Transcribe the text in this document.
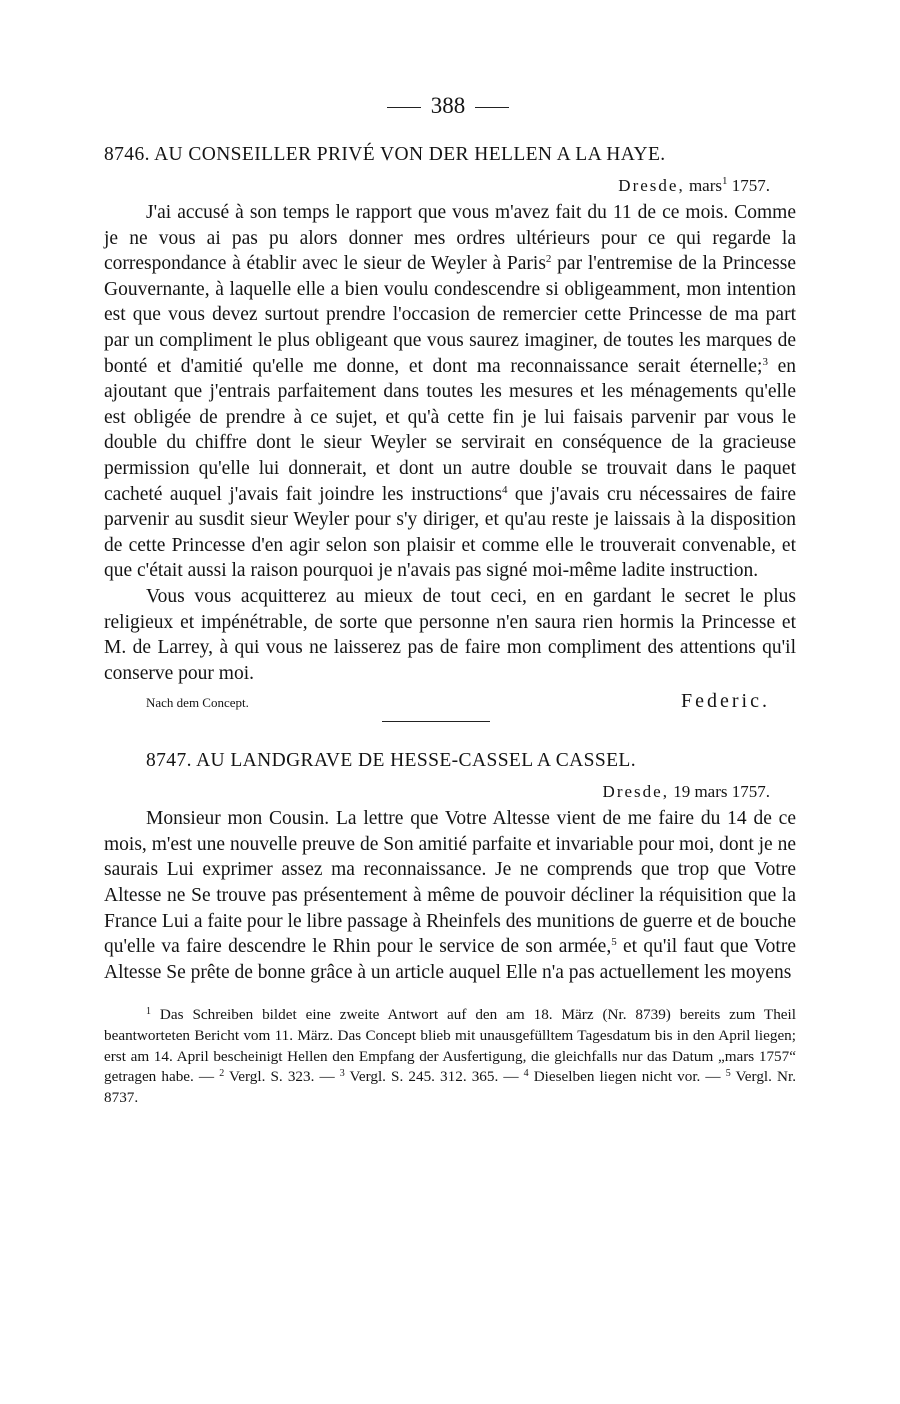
388
8746. AU CONSEILLER PRIVÉ VON DER HELLEN A LA HAYE.
Dresde, mars$^1$ 1757.

J'ai accusé à son temps le rapport que vous m'avez fait du 11 de ce mois. Comme je ne vous ai pas pu alors donner mes ordres ultérieurs pour ce qui regarde la correspondance à établir avec le sieur de Weyler à Paris$^2$ par l'entremise de la Princesse Gouvernante, à laquelle elle a bien voulu condescendre si obligeamment, mon intention est que vous devez surtout prendre l'occasion de remercier cette Princesse de ma part par un compliment le plus obligeant que vous saurez imaginer, de toutes les marques de bonté et d'amitié qu'elle me donne, et dont ma reconnaissance serait éternelle;$^3$ en ajoutant que j'entrais parfaitement dans toutes les mesures et les ménagements qu'elle est obligée de prendre à ce sujet, et qu'à cette fin je lui faisais parvenir par vous le double du chiffre dont le sieur Weyler se servirait en conséquence de la gracieuse permission qu'elle lui donnerait, et dont un autre double se trouvait dans le paquet cacheté auquel j'avais fait joindre les instructions$^4$ que j'avais cru nécessaires de faire parvenir au susdit sieur Weyler pour s'y diriger, et qu'au reste je laissais à la disposition de cette Princesse d'en agir selon son plaisir et comme elle le trouverait convenable, et que c'était aussi la raison pourquoi je n'avais pas signé moi-même ladite instruction.

Vous vous acquitterez au mieux de tout ceci, en en gardant le secret le plus religieux et impénétrable, de sorte que personne n'en saura rien hormis la Princesse et M. de Larrey, à qui vous ne laisserez pas de faire mon compliment des attentions qu'il conserve pour moi.

Nach dem Concept.	Federic.
8747. AU LANDGRAVE DE HESSE-CASSEL A CASSEL.
Dresde, 19 mars 1757.

Monsieur mon Cousin. La lettre que Votre Altesse vient de me faire du 14 de ce mois, m'est une nouvelle preuve de Son amitié parfaite et invariable pour moi, dont je ne saurais Lui exprimer assez ma reconnaissance. Je ne comprends que trop que Votre Altesse ne Se trouve pas présentement à même de pouvoir décliner la réquisition que la France Lui a faite pour le libre passage à Rheinfels des munitions de guerre et de bouche qu'elle va faire descendre le Rhin pour le service de son armée,$^5$ et qu'il faut que Votre Altesse Se prête de bonne grâce à un article auquel Elle n'a pas actuellement les moyens

$^1$ Das Schreiben bildet eine zweite Antwort auf den am 18. März (Nr. 8739) bereits zum Theil beantworteten Bericht vom 11. März. Das Concept blieb mit unausgefülltem Tagesdatum bis in den April liegen; erst am 14. April bescheinigt Hellen den Empfang der Ausfertigung, die gleichfalls nur das Datum „mars 1757“ getragen habe. — $^2$ Vergl. S. 323. — $^3$ Vergl. S. 245. 312. 365. — $^4$ Dieselben liegen nicht vor. — $^5$ Vergl. Nr. 8737.
